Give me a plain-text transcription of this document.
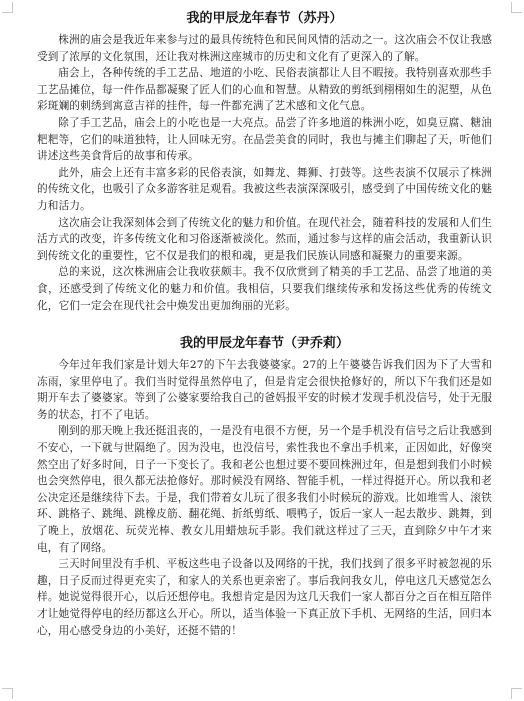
我的甲辰龙年春节（苏丹）

株洲的庙会是我近年来参与过的最具传统特色和民间风情的活动之一。这次庙会不仅让我感受到了浓厚的文化氛围，还让我对株洲这座城市的历史和文化有了更深入的了解。

庙会上，各种传统的手工艺品、地道的小吃、民俗表演都让人目不暇接。我特别喜欢那些手工艺品摊位，每一件作品都凝聚了匠人们的心血和智慧。从精致的剪纸到栩栩如生的泥塑，从色彩斑斓的刺绣到寓意吉祥的挂件，每一件都充满了艺术感和文化气息。

除了手工艺品，庙会上的小吃也是一大亮点。品尝了许多地道的株洲小吃，如臭豆腐、糖油粑粑等，它们的味道独特，让人回味无穷。在品尝美食的同时，我也与摊主们聊起了天，听他们讲述这些美食背后的故事和传承。

此外，庙会上还有丰富多彩的民俗表演，如舞龙、舞狮、打鼓等。这些表演不仅展示了株洲的传统文化，也吸引了众多游客驻足观看。我被这些表演深深吸引，感受到了中国传统文化的魅力和活力。

这次庙会让我深刻体会到了传统文化的魅力和价值。在现代社会，随着科技的发展和人们生活方式的改变，许多传统文化和习俗逐渐被淡化。然而，通过参与这样的庙会活动，我重新认识到传统文化的重要性，它不仅是我们的根和魂，更是我们民族认同感和凝聚力的重要来源。

总的来说，这次株洲庙会让我收获颇丰。我不仅欣赏到了精美的手工艺品、品尝了地道的美食，还感受到了传统文化的魅力和价值。我相信，只要我们继续传承和发扬这些优秀的传统文化，它们一定会在现代社会中焕发出更加绚丽的光彩。

我的甲辰龙年春节（尹乔莉）

今年过年我们家是计划大年27的下午去我婆婆家。27的上午婆婆告诉我们因为下了大雪和冻雨，家里停电了。我们当时觉得虽然停电了，但是肯定会很快抢修好的，所以下午我们还是如期开车去了婆婆家。等到了公婆家要给我自己的爸妈报平安的时候才发现手机没信号，处于无服务的状态，打不了电话。

刚到的那天晚上我还挺沮丧的，一是没有电很不方便，另一个是手机没有信号之后让我感到不安心，一下就与世隔绝了。因为没电，也没信号，索性我也不拿出手机来，正因如此，好像突然空出了好多时间，日子一下变长了。我和老公也想过要不要回株洲过年，但是想到我们小时候也会突然停电，很久都无法抢修好。那时候没有网络、智能手机，一样过得挺开心。所以我和老公决定还是继续待下去。于是，我们带着女儿玩了很多我们小时候玩的游戏。比如堆雪人、滚铁环、跳格子、跳绳、跳橡皮筋、翻花绳、折纸剪纸、喂鸭子，饭后一家人一起去散步、跳舞，到了晚上，放烟花、玩荧光棒、教女儿用蜡烛玩手影。我们就这样过了三天，直到除夕中午才来电，有了网络。

三天时间里没有手机、平板这些电子设备以及网络的干扰，我们找到了很多平时被忽视的乐趣，日子反而过得更充实了，和家人的关系也更亲密了。事后我问我女儿，停电这几天感觉怎么样。她说觉得很开心，以后还想停电。我想肯定是因为这几天我们一家人都百分之百在相互陪伴才让她觉得停电的经历都这么开心。所以，适当体验一下真正放下手机、无网络的生活，回归本心，用心感受身边的小美好，还挺不错的！
